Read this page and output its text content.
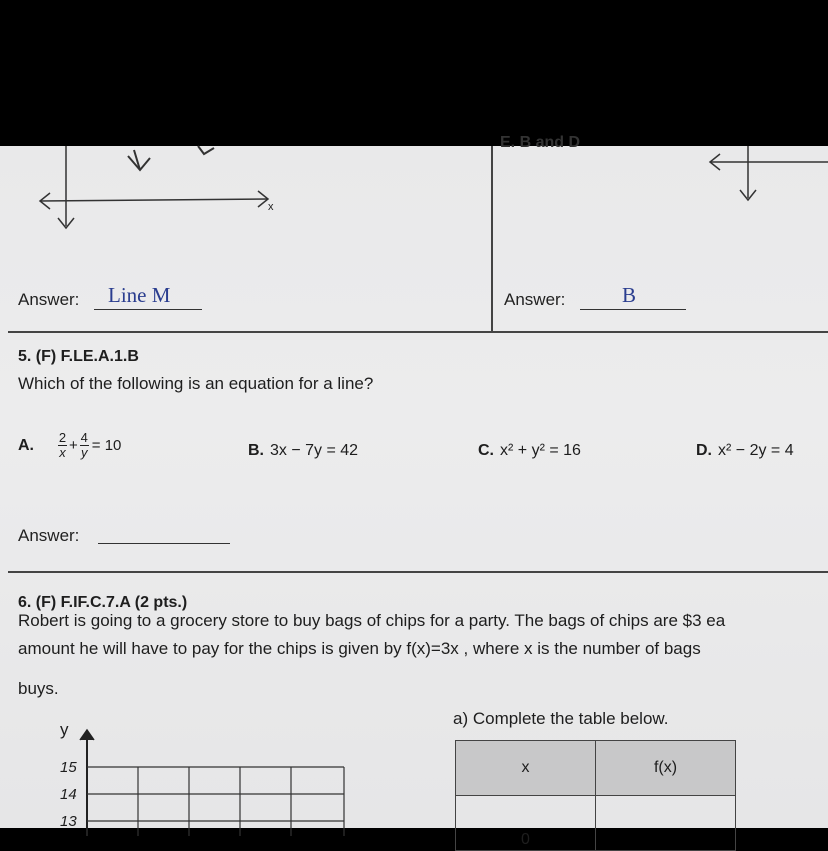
x
Answer: Line M
E. B and D
Answer:	B
5. (F) F.LE.A.1.B
Which of the following is an equation for a line?
A. $\frac{2}{x} + \frac{4}{y} = 10$	B. 3x − 7y = 42	C. x² + y² = 16	D. x² − 2y = 4
Answer:
6. (F) F.IF.C.7.A (2 pts.)
Robert is going to a grocery store to buy bags of chips for a party. The bags of chips are $3 ea
amount he will have to pay for the chips is given by f(x)=3x , where x is the number of bags
buys.
y
15
14
13
a) Complete the table below.
x	f(x)
0	
